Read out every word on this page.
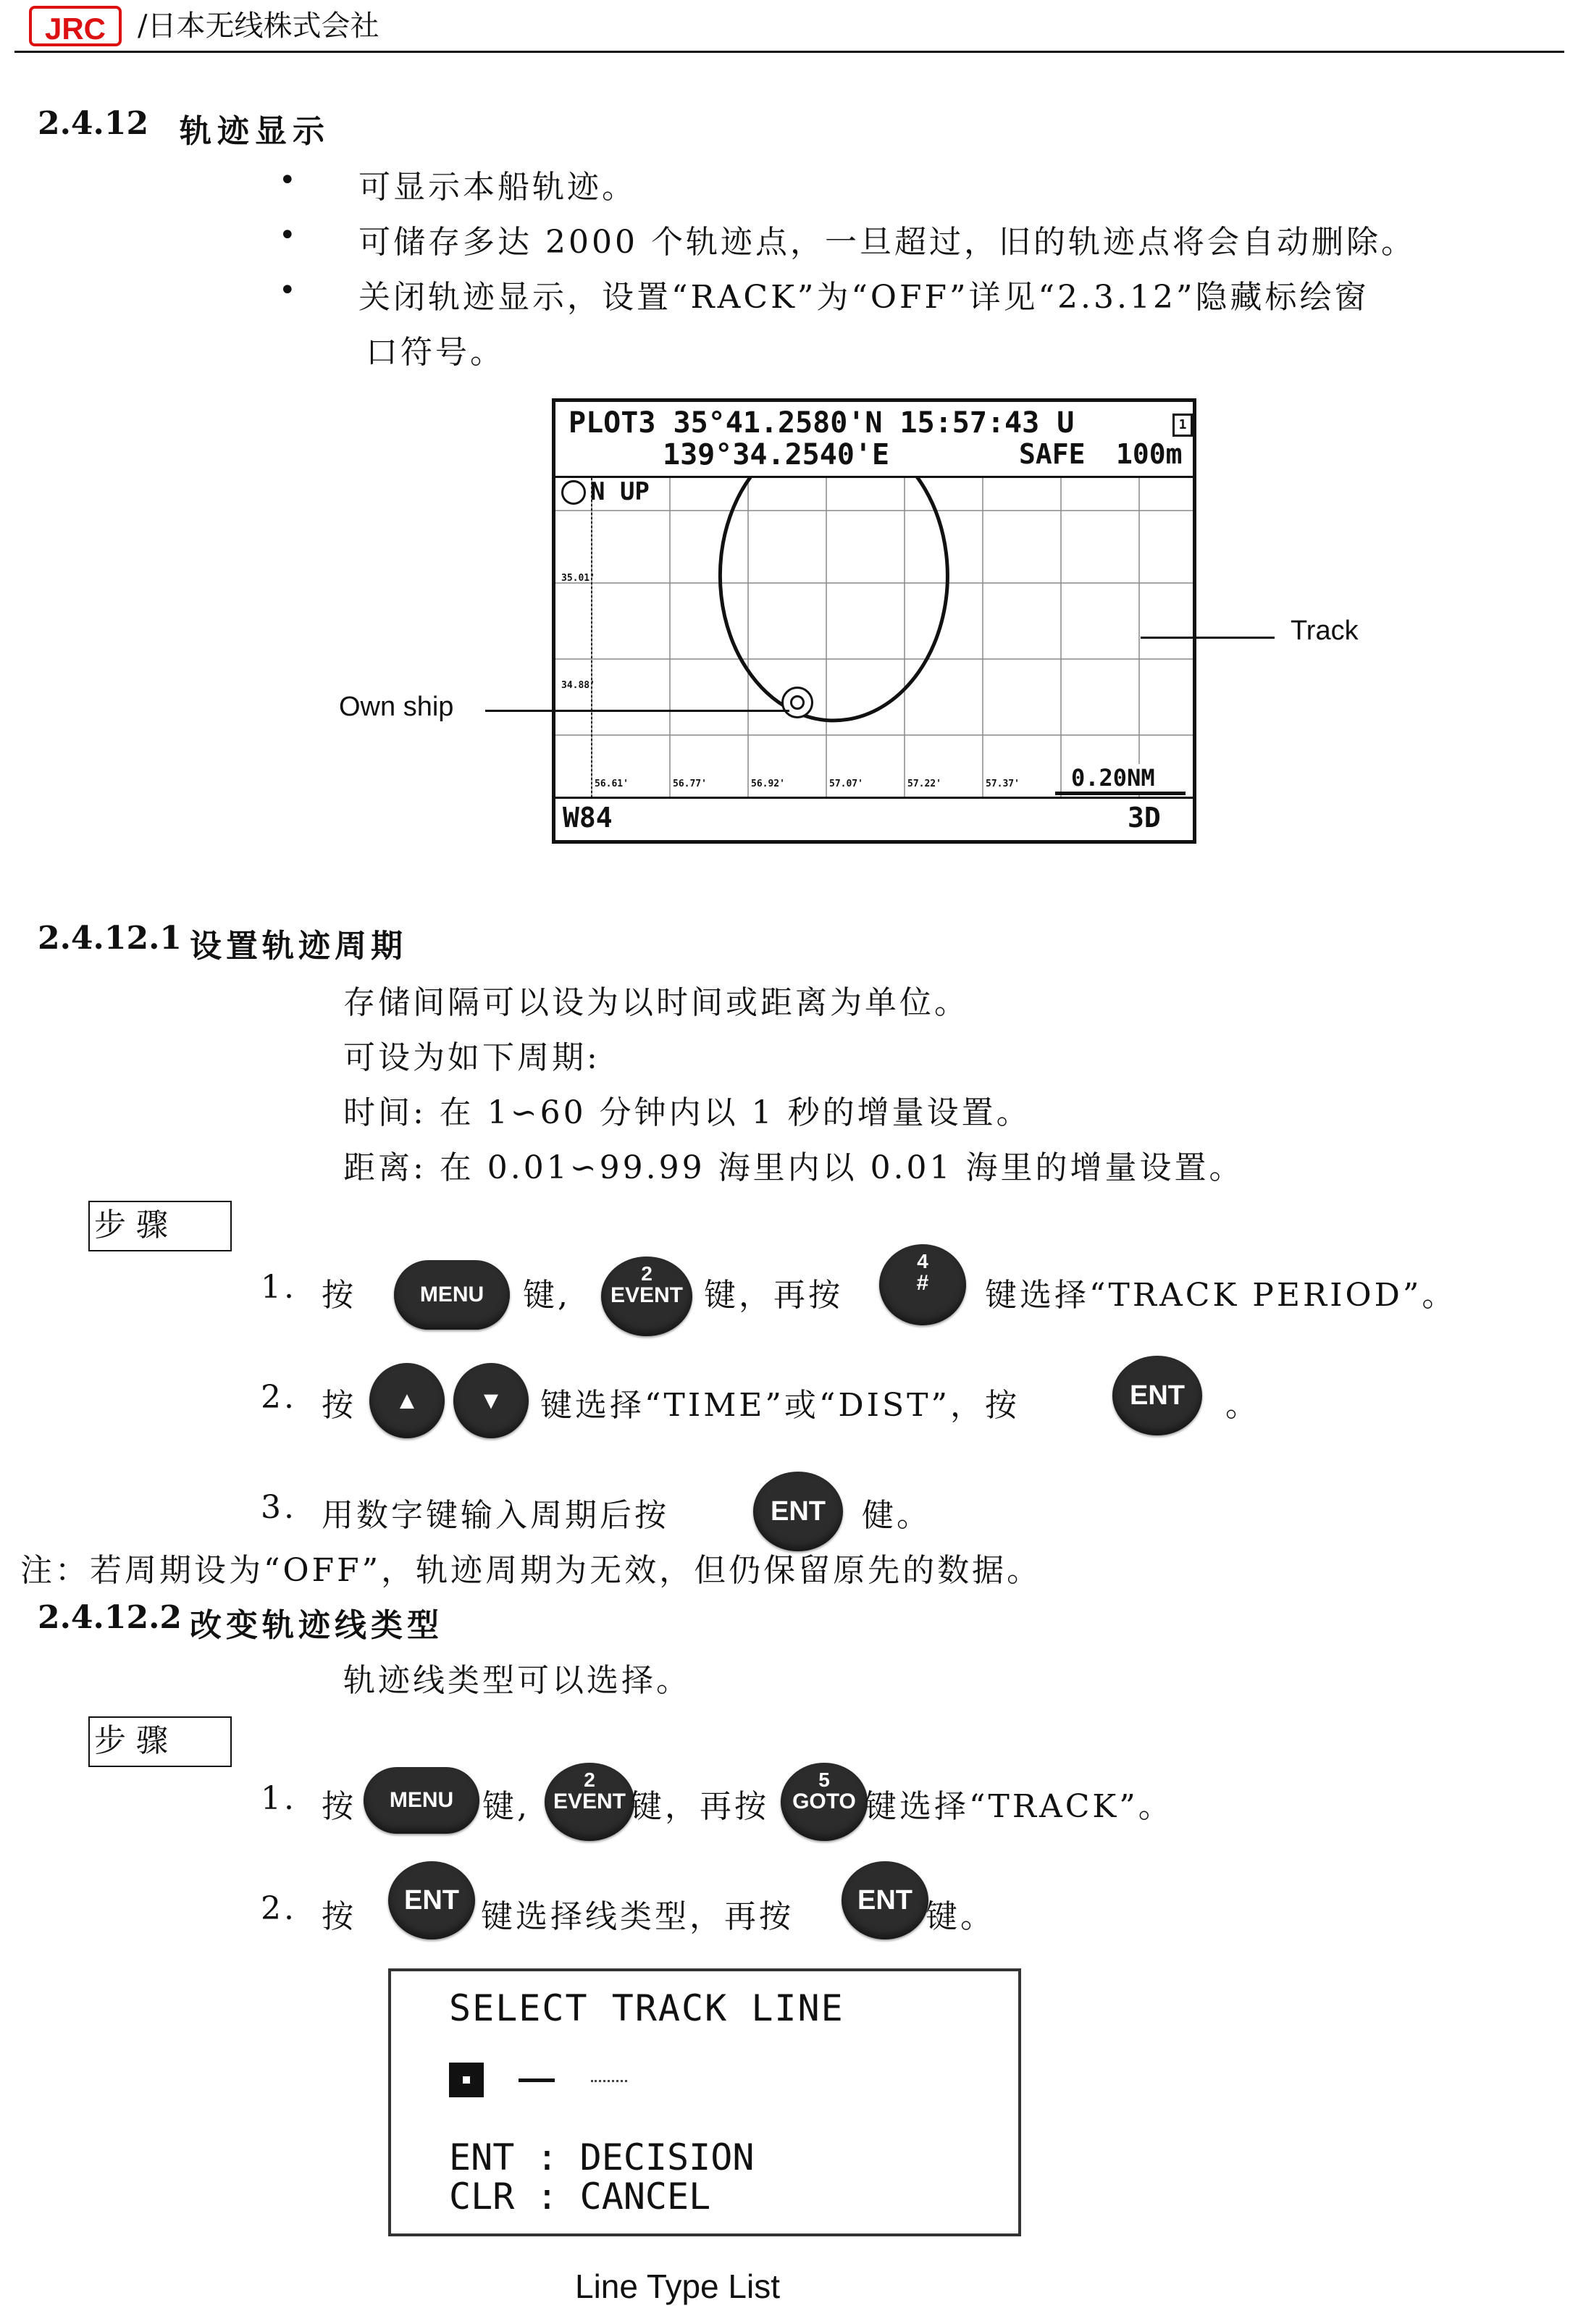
JRC	/日本无线株式会社
2.4.12 轨迹显示
• 可显示本船轨迹。
• 可储存多达 2000 个轨迹点，一旦超过，旧的轨迹点将会自动删除。
• 关闭轨迹显示，设置“RACK”为“OFF”详见“2.3.12”隐藏标绘窗
口符号。
PLOT3 35°41.2580'N 15:57:43 U	1
139°34.2540'E	SAFE 100m
N UP
35.01'
34.88'
56.61'	56.77'	56.92'	57.07'	57.22'	57.37' 0.20NM
W84	3D
Track
Own ship
2.4.12.1 设置轨迹周期
存储间隔可以设为以时间或距离为单位。
可设为如下周期:
时间: 在 1∽60 分钟内以 1 秒的增量设置。
距离: 在 0.01∽99.99 海里内以 0.01 海里的增量设置。
步 骤
1. 按	MENU	键,
2
EVENT 键，再按
4
#	键选择“TRACK PERIOD”。
2. 按	▲	▼	键选择“TIME”或“DIST”，按	ENT	。
3. 用数字键输入周期后按	ENT	健。
注：若周期设为“OFF”，轨迹周期为无效，但仍保留原先的数据。
2.4.12.2 改变轨迹线类型
轨迹线类型可以选择。
步 骤
1. 按	MENU 键,
2
EVENT 键，再按
5
GOTO 键选择“TRACK”。
2. 按	ENT 键选择线类型，再按	ENT 键。
SELECT TRACK LINE
ENT : DECISION
CLR : CANCEL
Line Type List
